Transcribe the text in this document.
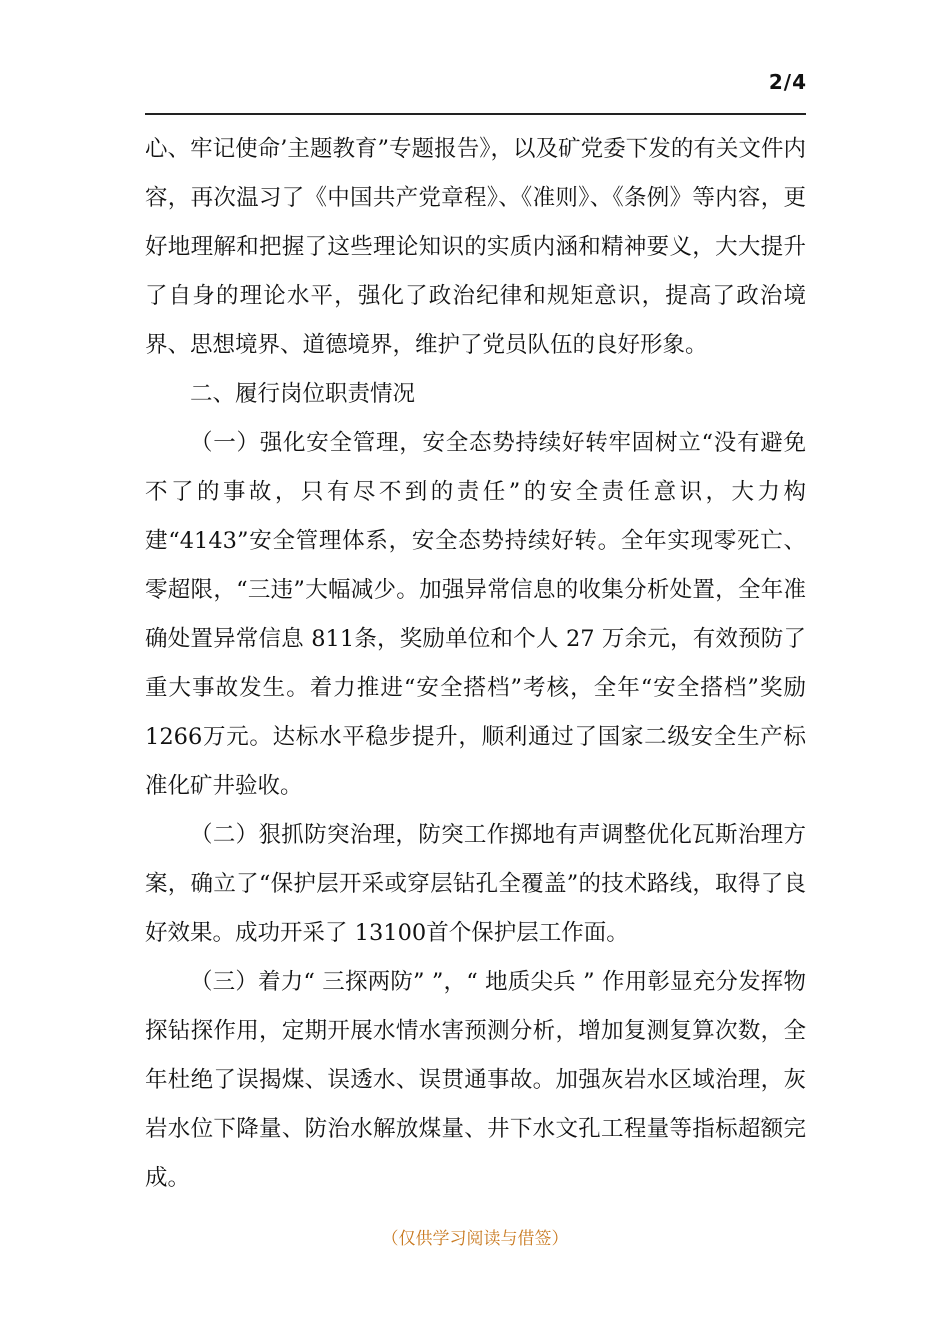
2/4

心、牢记使命’主题教育”专题报告》，以及矿党委下发的有关文件内容，再次温习了《中国共产党章程》、《准则》、《条例》等内容，更好地理解和把握了这些理论知识的实质内涵和精神要义，大大提升了自身的理论水平，强化了政治纪律和规矩意识，提高了政治境界、思想境界、道德境界，维护了党员队伍的良好形象。

二、履行岗位职责情况

（一）强化安全管理，安全态势持续好转牢固树立“没有避免不了的事故，只有尽不到的责任”的安全责任意识，大力构建“4143”安全管理体系，安全态势持续好转。全年实现零死亡、零超限，“三违”大幅减少。加强异常信息的收集分析处置，全年准确处置异常信息 811条，奖励单位和个人 27 万余元，有效预防了重大事故发生。着力推进“安全搭档”考核，全年“安全搭档”奖励 1266万元。达标水平稳步提升，顺利通过了国家二级安全生产标准化矿井验收。

（二）狠抓防突治理，防突工作掷地有声调整优化瓦斯治理方案，确立了“保护层开采或穿层钻孔全覆盖”的技术路线，取得了良好效果。成功开采了 13100首个保护层工作面。

（三）着力“ 三探两防” ”，“ 地质尖兵 ” 作用彰显充分发挥物探钻探作用，定期开展水情水害预测分析，增加复测复算次数，全年杜绝了误揭煤、误透水、误贯通事故。加强灰岩水区域治理，灰岩水位下降量、防治水解放煤量、井下水文孔工程量等指标超额完成。

（仅供学习阅读与借签）
